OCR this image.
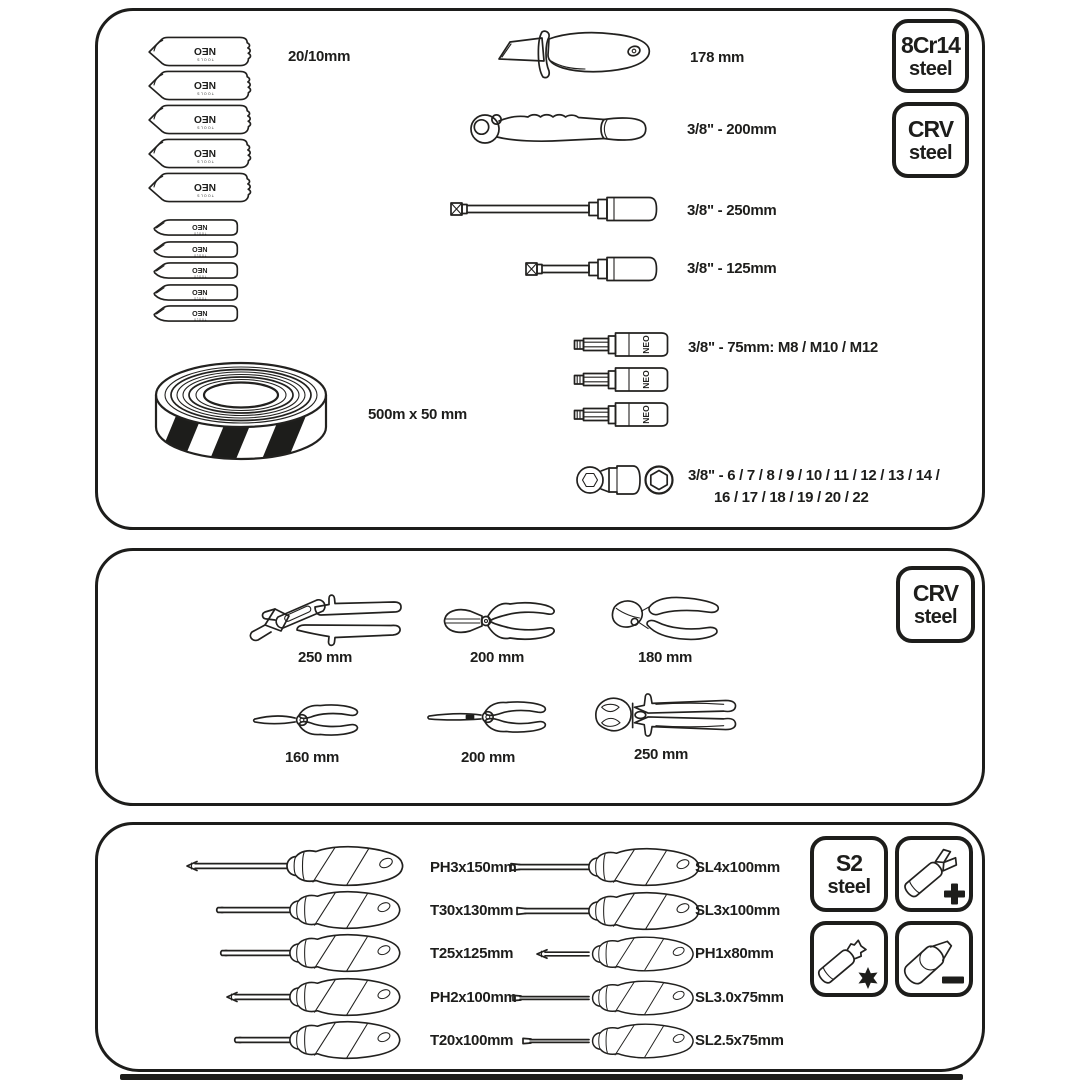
20/10mm	178 mm
3/8" - 200mm
3/8" - 250mm
3/8" - 125mm
3/8" - 75mm: M8 / M10 / M12
3/8" - 6 / 7 / 8 / 9 / 10 / 11 / 12 / 13 / 14 /
16 / 17 / 18 / 19 / 20 / 22
500m x 50 mm
8Cr14
steel
CRV
steel
250 mm	200 mm	180 mm
160 mm	200 mm	250 mm
CRV
steel
PH3x150mm
T30x130mm
T25x125mm
PH2x100mm
T20x100mm
SL4x100mm
SL3x100mm
PH1x80mm
SL3.0x75mm
SL2.5x75mm
S2
steel
